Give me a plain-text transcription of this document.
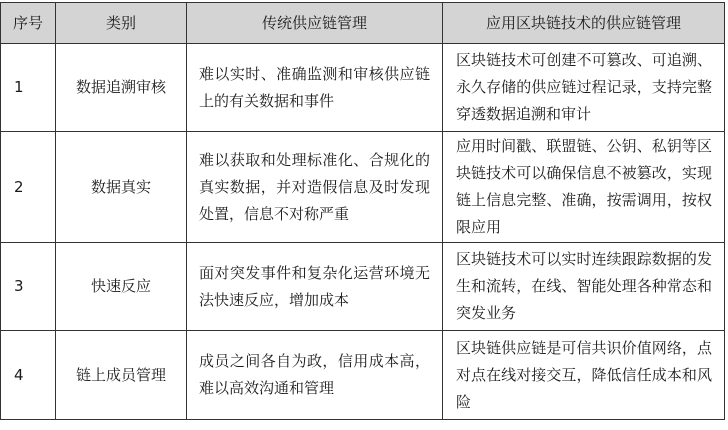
序号	类别	传统供应链管理	应用区块链技术的供应链管理
1	数据追溯审核	难以实时、准确监测和审核供应链上的有关数据和事件	区块链技术可创建不可篡改、可追溯、永久存储的供应链过程记录，支持完整穿透数据追溯和审计
2	数据真实	难以获取和处理标准化、合规化的真实数据，并对造假信息及时发现处置，信息不对称严重	应用时间戳、联盟链、公钥、私钥等区块链技术可以确保信息不被篡改，实现链上信息完整、准确，按需调用，按权限应用
3	快速反应	面对突发事件和复杂化运营环境无法快速反应，增加成本	区块链技术可以实时连续跟踪数据的发生和流转，在线、智能处理各种常态和突发业务
4	链上成员管理	成员之间各自为政，信用成本高，难以高效沟通和管理	区块链供应链是可信共识价值网络，点对点在线对接交互，降低信任成本和风险
